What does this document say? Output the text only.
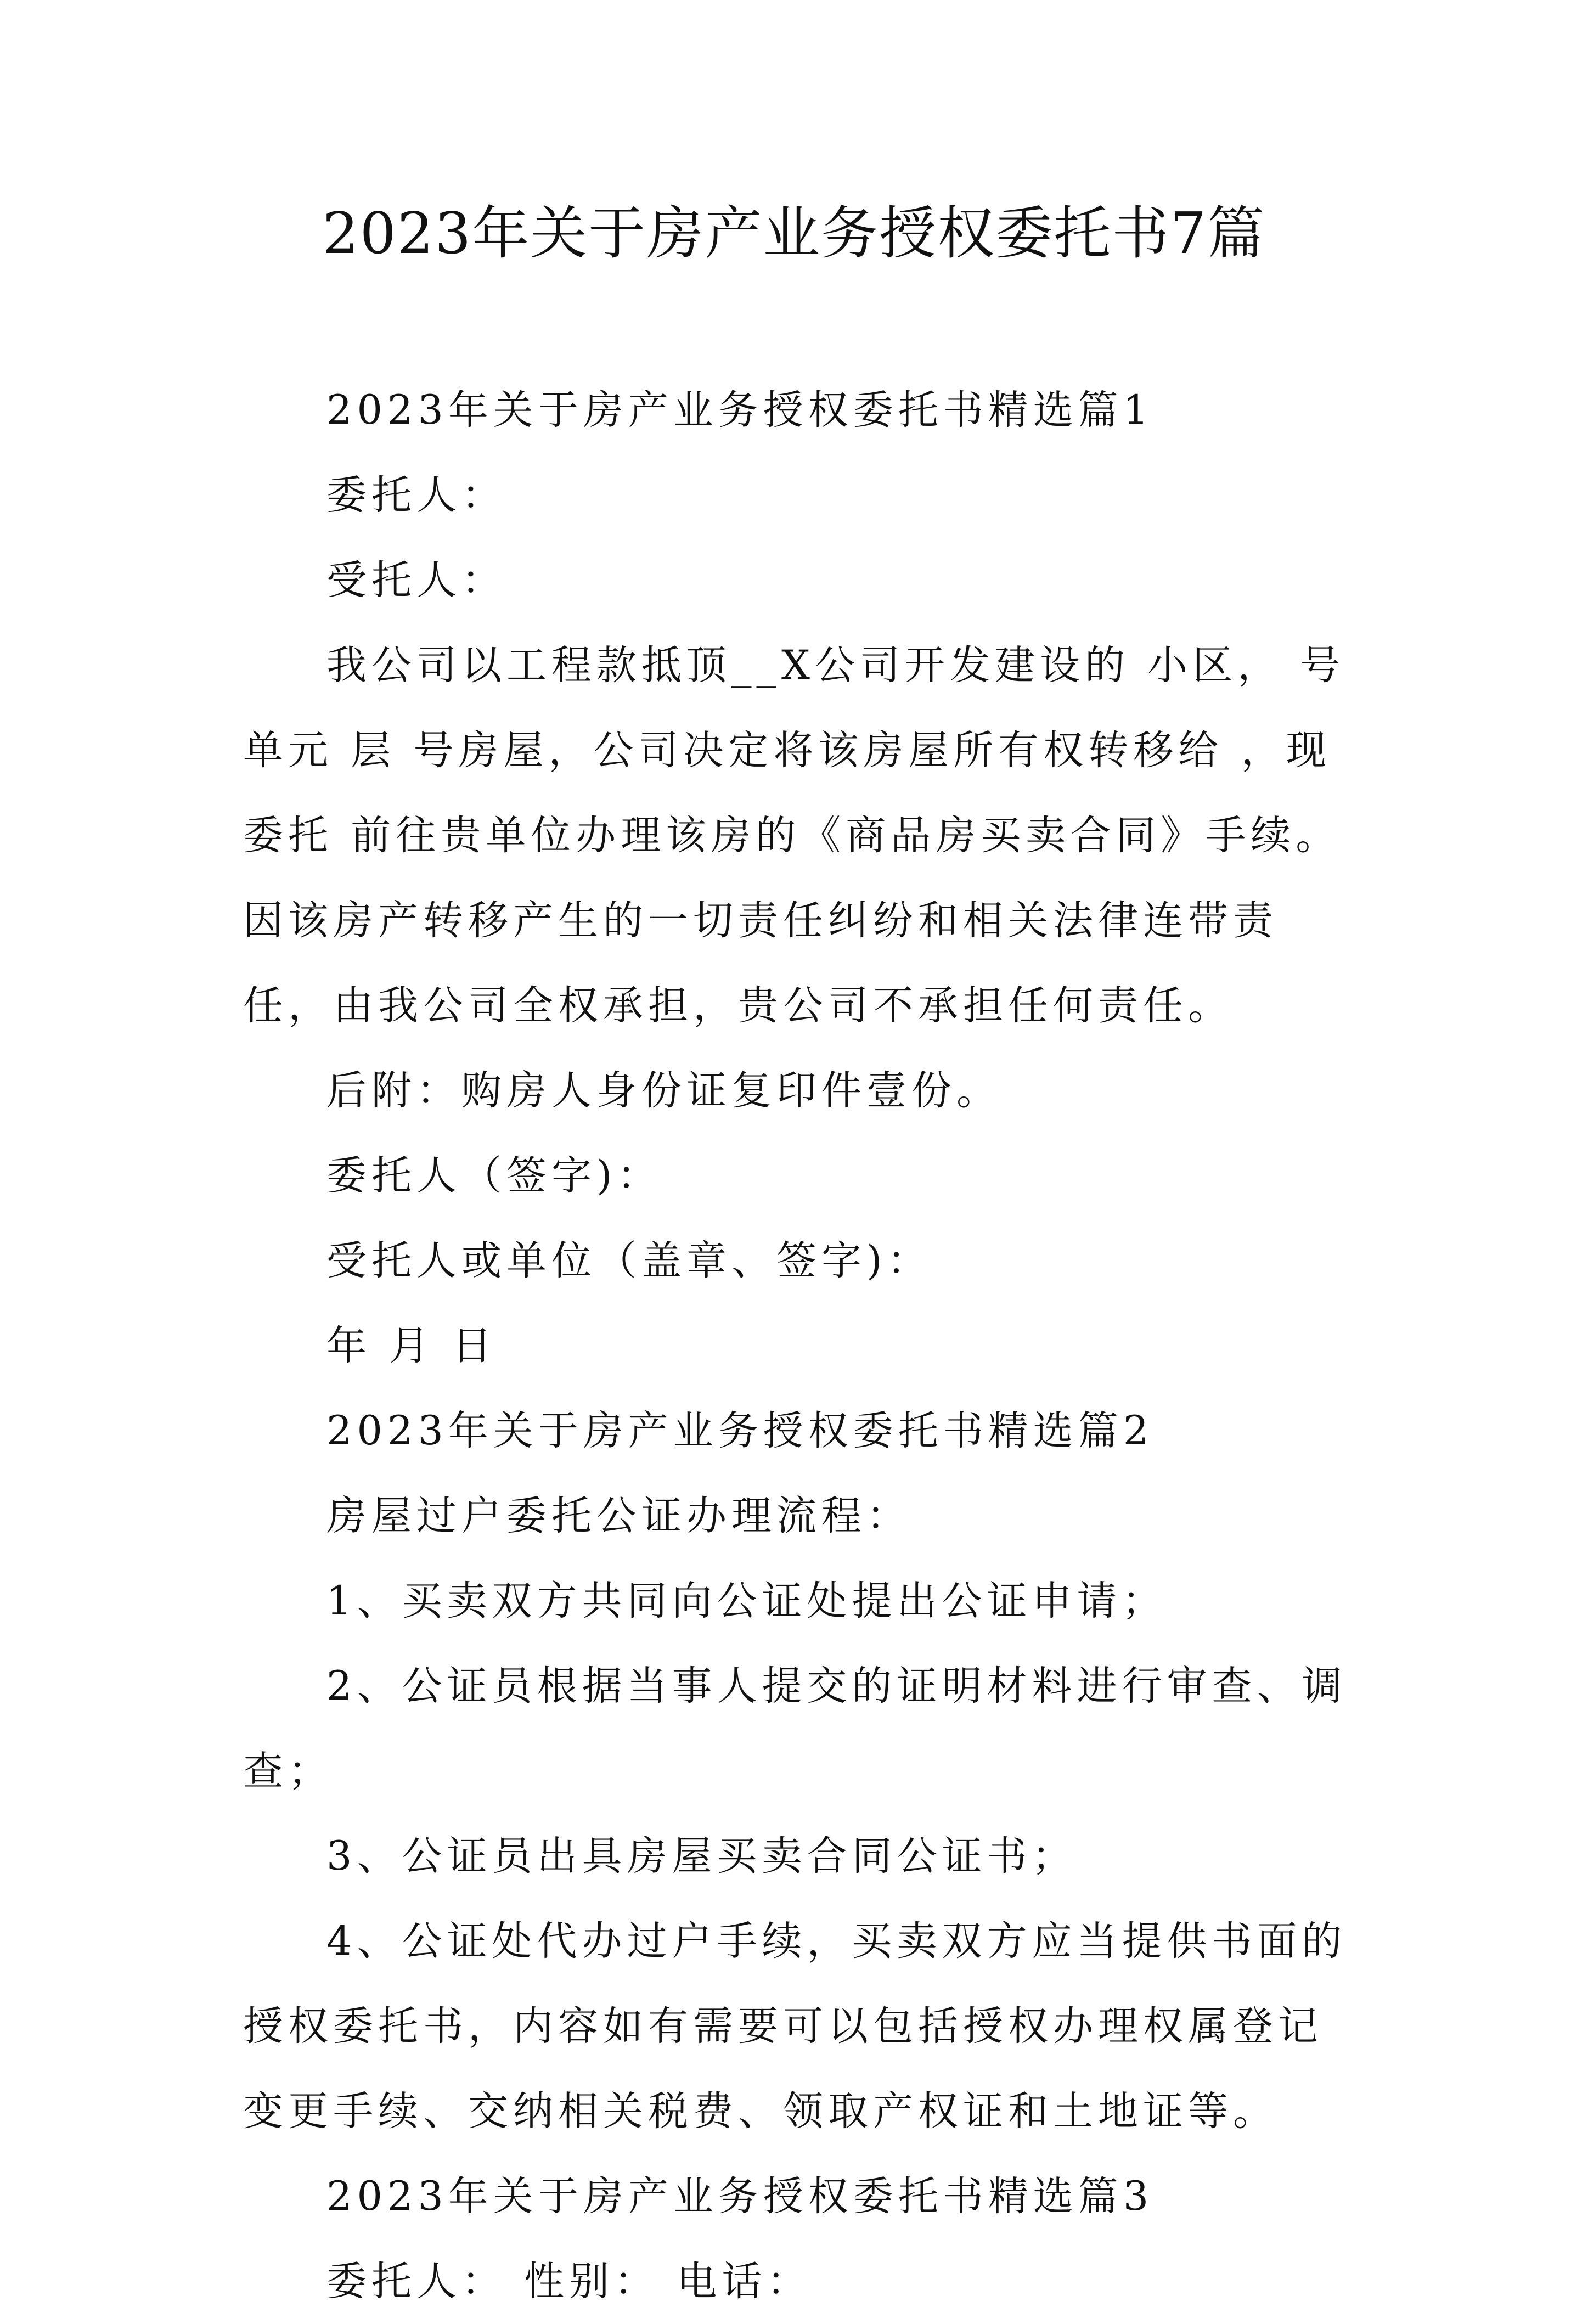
2023年关于房产业务授权委托书7篇

2023年关于房产业务授权委托书精选篇1

委托人：

受托人：

我公司以工程款抵顶__X公司开发建设的 小区， 号单元 层 号房屋，公司决定将该房屋所有权转移给 ，现委托 前往贵单位办理该房的《商品房买卖合同》手续。因该房产转移产生的一切责任纠纷和相关法律连带责任，由我公司全权承担，贵公司不承担任何责任。

后附：购房人身份证复印件壹份。

委托人（签字)：

受托人或单位（盖章、签字)：

年 月 日

2023年关于房产业务授权委托书精选篇2

房屋过户委托公证办理流程：

1、买卖双方共同向公证处提出公证申请；

2、公证员根据当事人提交的证明材料进行审查、调查；

3、公证员出具房屋买卖合同公证书；

4、公证处代办过户手续，买卖双方应当提供书面的授权委托书，内容如有需要可以包括授权办理权属登记变更手续、交纳相关税费、领取产权证和土地证等。

2023年关于房产业务授权委托书精选篇3

委托人： 性别： 电话：
